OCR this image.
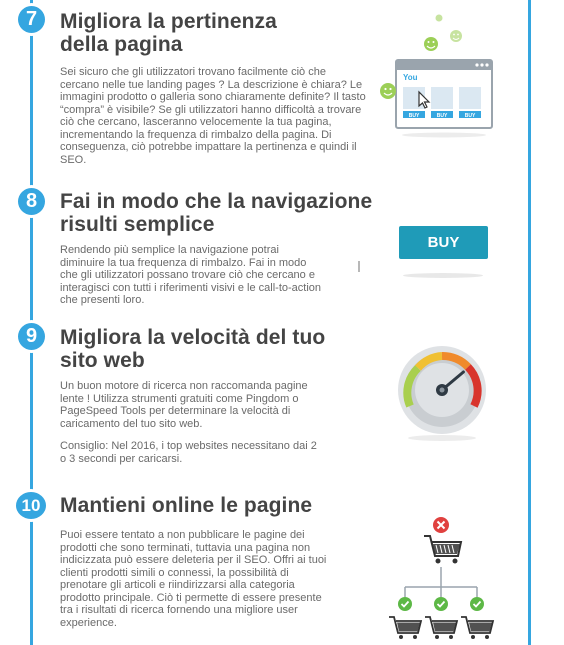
7	Migliora la pertinenza
della pagina

Sei sicuro che gli utilizzatori trovano facilmente ciò che cercano nelle tue landing pages ? La descrizione è chiara? Le immagini prodotto o galleria sono chiaramente definite? Il tasto “compra” è visibile? Se gli utilizzatori hanno difficoltà a trovare ciò che cercano, lasceranno velocemente la tua pagina, incrementando la frequenza di rimbalzo della pagina. Di conseguenza, ciò potrebbe impattare la pertinenza e quindi il SEO.

You
BUY	BUY	BUY
8	Fai in modo che la navigazione
risulti semplice

Rendendo più semplice la navigazione potrai diminuire la tua frequenza di rimbalzo. Fai in modo che gli utilizzatori possano trovare ciò che cercano e interagisci con tutti i riferimenti visivi e le call-to-action che presenti loro.

BUY
9	Migliora la velocità del tuo
sito web

Un buon motore di ricerca non raccomanda pagine lente ! Utilizza strumenti gratuiti come Pingdom o PageSpeed Tools per determinare la velocità di caricamento del tuo sito web.

Consiglio: Nel 2016, i top websites necessitano dai 2 o 3 secondi per caricarsi.

10 Mantieni online le pagine

Puoi essere tentato a non pubblicare le pagine dei prodotti che sono terminati, tuttavia una pagina non indicizzata può essere deleteria per il SEO. Offri ai tuoi clienti prodotti simili o connessi, la possibilità di prenotare gli articoli e riindirizzarsi alla categoria prodotto principale. Ciò ti permette di essere presente tra i risultati di ricerca fornendo una migliore user experience.
